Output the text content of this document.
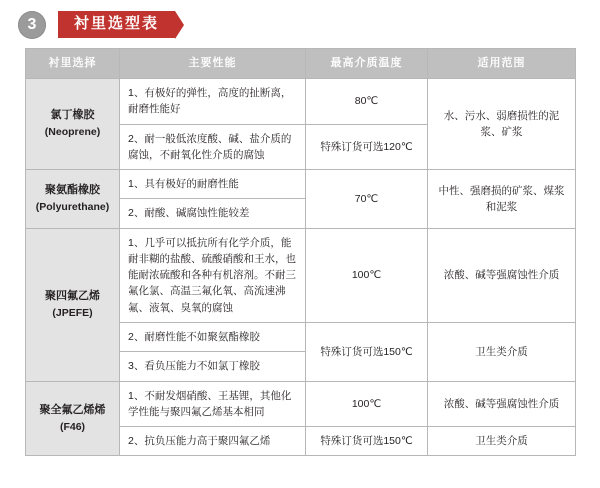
3	衬里选型表
衬里选择	主要性能	最高介质温度	适用范围
氯丁橡胶
(Neoprene)	1、有极好的弹性，高度的扯断离，耐磨性能好	80℃	水、污水、弱磨损性的泥浆、矿浆
	2、耐一般低浓度酸、碱、盐介质的腐蚀，不耐氧化性介质的腐蚀	特殊订货可选120℃	
聚氨酯橡胶
(Polyurethane)	1、具有极好的耐磨性能	70℃	中性、强磨损的矿浆、煤浆和泥浆
	2、耐酸、碱腐蚀性能较差		
聚四氟乙烯
(JPEFE)	1、几乎可以抵抗所有化学介质，能耐非糊的盐酸、硫酸硝酸和王水，也能耐浓硫酸和各种有机溶剂。不耐三氟化氯、高温三氟化氧、高流速沸氟、液氧、臭氧的腐蚀	100℃	浓酸、碱等强腐蚀性介质
	2、耐磨性能不如聚氨酯橡胶	特殊订货可选150℃	卫生类介质
	3、看负压能力不如氯丁橡胶		
聚全氟乙烯烯
(F46)	1、不耐发烟硝酸、王基锂，其他化学性能与聚四氟乙烯基本相同	100℃	浓酸、碱等强腐蚀性介质
	2、抗负压能力高于聚四氟乙烯	特殊订货可选150℃	卫生类介质
